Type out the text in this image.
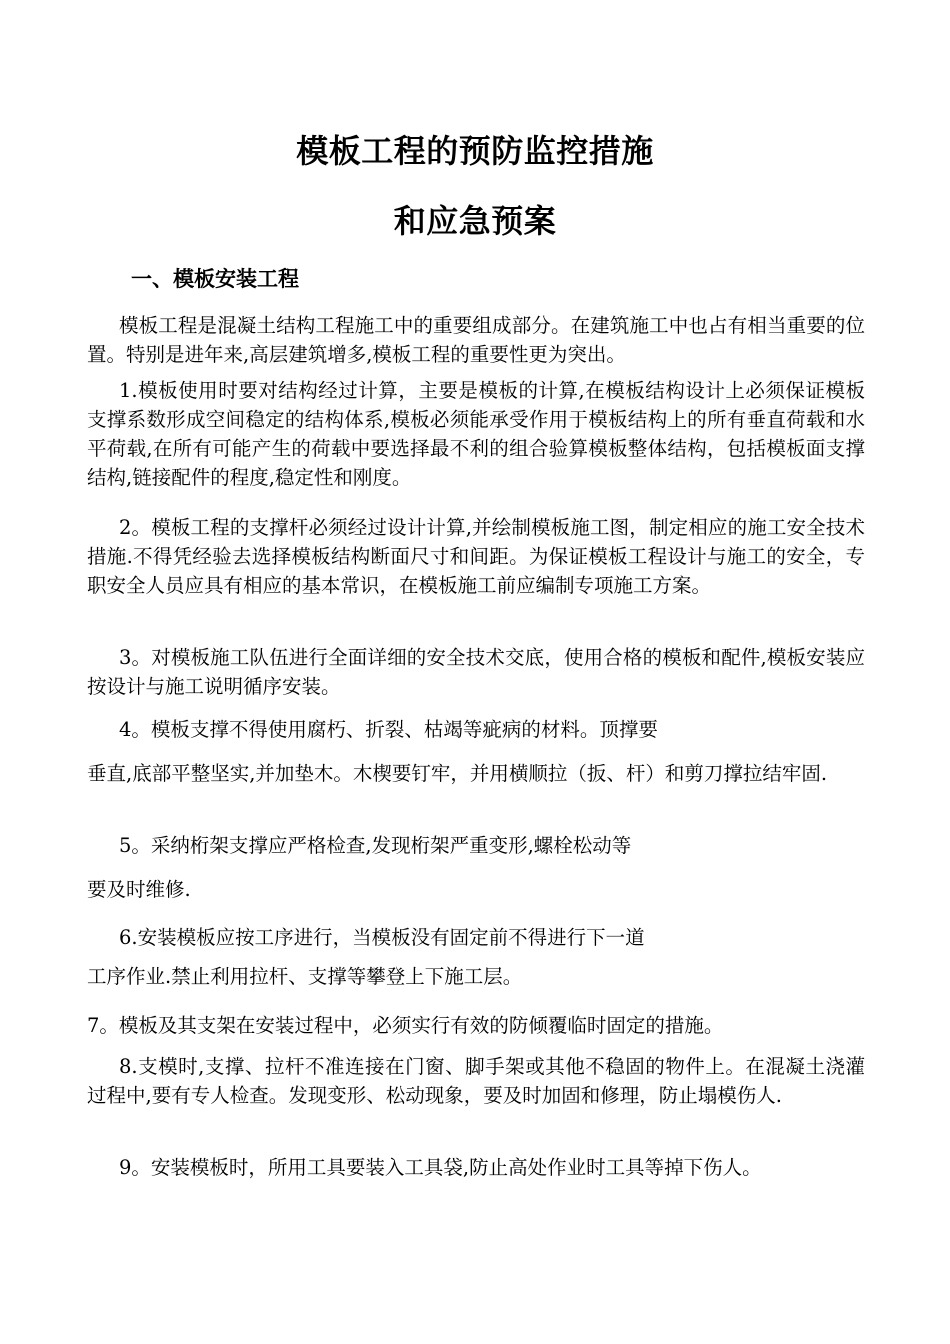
模板工程的预防监控措施
和应急预案
一、模板安装工程

模板工程是混凝土结构工程施工中的重要组成部分。在建筑施工中也占有相当重要的位置。特别是进年来,高层建筑增多,模板工程的重要性更为突出。

1.模板使用时要对结构经过计算，主要是模板的计算,在模板结构设计上必须保证模板支撑系数形成空间稳定的结构体系,模板必须能承受作用于模板结构上的所有垂直荷载和水平荷载,在所有可能产生的荷载中要选择最不利的组合验算模板整体结构，包括模板面支撑结构,链接配件的程度,稳定性和刚度。

2。模板工程的支撑杆必须经过设计计算,并绘制模板施工图，制定相应的施工安全技术措施.不得凭经验去选择模板结构断面尺寸和间距。为保证模板工程设计与施工的安全，专职安全人员应具有相应的基本常识，在模板施工前应编制专项施工方案。

3。对模板施工队伍进行全面详细的安全技术交底，使用合格的模板和配件,模板安装应按设计与施工说明循序安装。

4。模板支撑不得使用腐朽、折裂、枯竭等疵病的材料。顶撑要

垂直,底部平整坚实,并加垫木。木楔要钉牢，并用横顺拉（扳、杆）和剪刀撑拉结牢固.

5。采纳桁架支撑应严格检查,发现桁架严重变形,螺栓松动等

要及时维修.

6.安装模板应按工序进行，当模板没有固定前不得进行下一道

工序作业.禁止利用拉杆、支撑等攀登上下施工层。

7。模板及其支架在安装过程中，必须实行有效的防倾覆临时固定的措施。

8.支模时,支撑、拉杆不准连接在门窗、脚手架或其他不稳固的物件上。在混凝土浇灌过程中,要有专人检查。发现变形、松动现象，要及时加固和修理，防止塌模伤人.

9。安装模板时，所用工具要装入工具袋,防止高处作业时工具等掉下伤人。
